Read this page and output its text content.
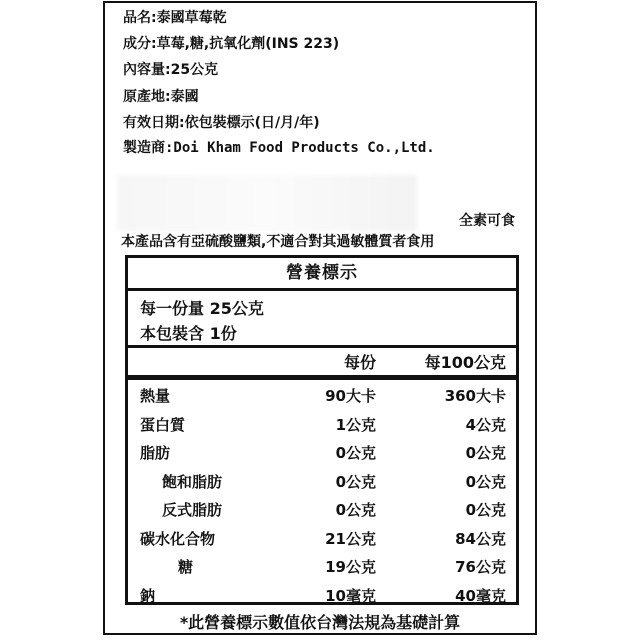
品名:泰國草莓乾
成分:草莓,糖,抗氧化劑(INS 223)
內容量:25公克
原產地:泰國
有效日期:依包裝標示(日/月/年)
製造商:Doi Kham Food Products Co.,Ltd.
全素可食
本產品含有亞硫酸鹽類,不適合對其過敏體質者食用
營養標示
每一份量 25公克
本包裝含 1份
每份	每100公克
熱量	90大卡	360大卡
蛋白質	1公克	4公克
脂肪	0公克	0公克
飽和脂肪	0公克	0公克
反式脂肪	0公克	0公克
碳水化合物	21公克	84公克
糖	19公克	76公克
鈉	10毫克	40毫克
*此營養標示數值依台灣法規為基礎計算
